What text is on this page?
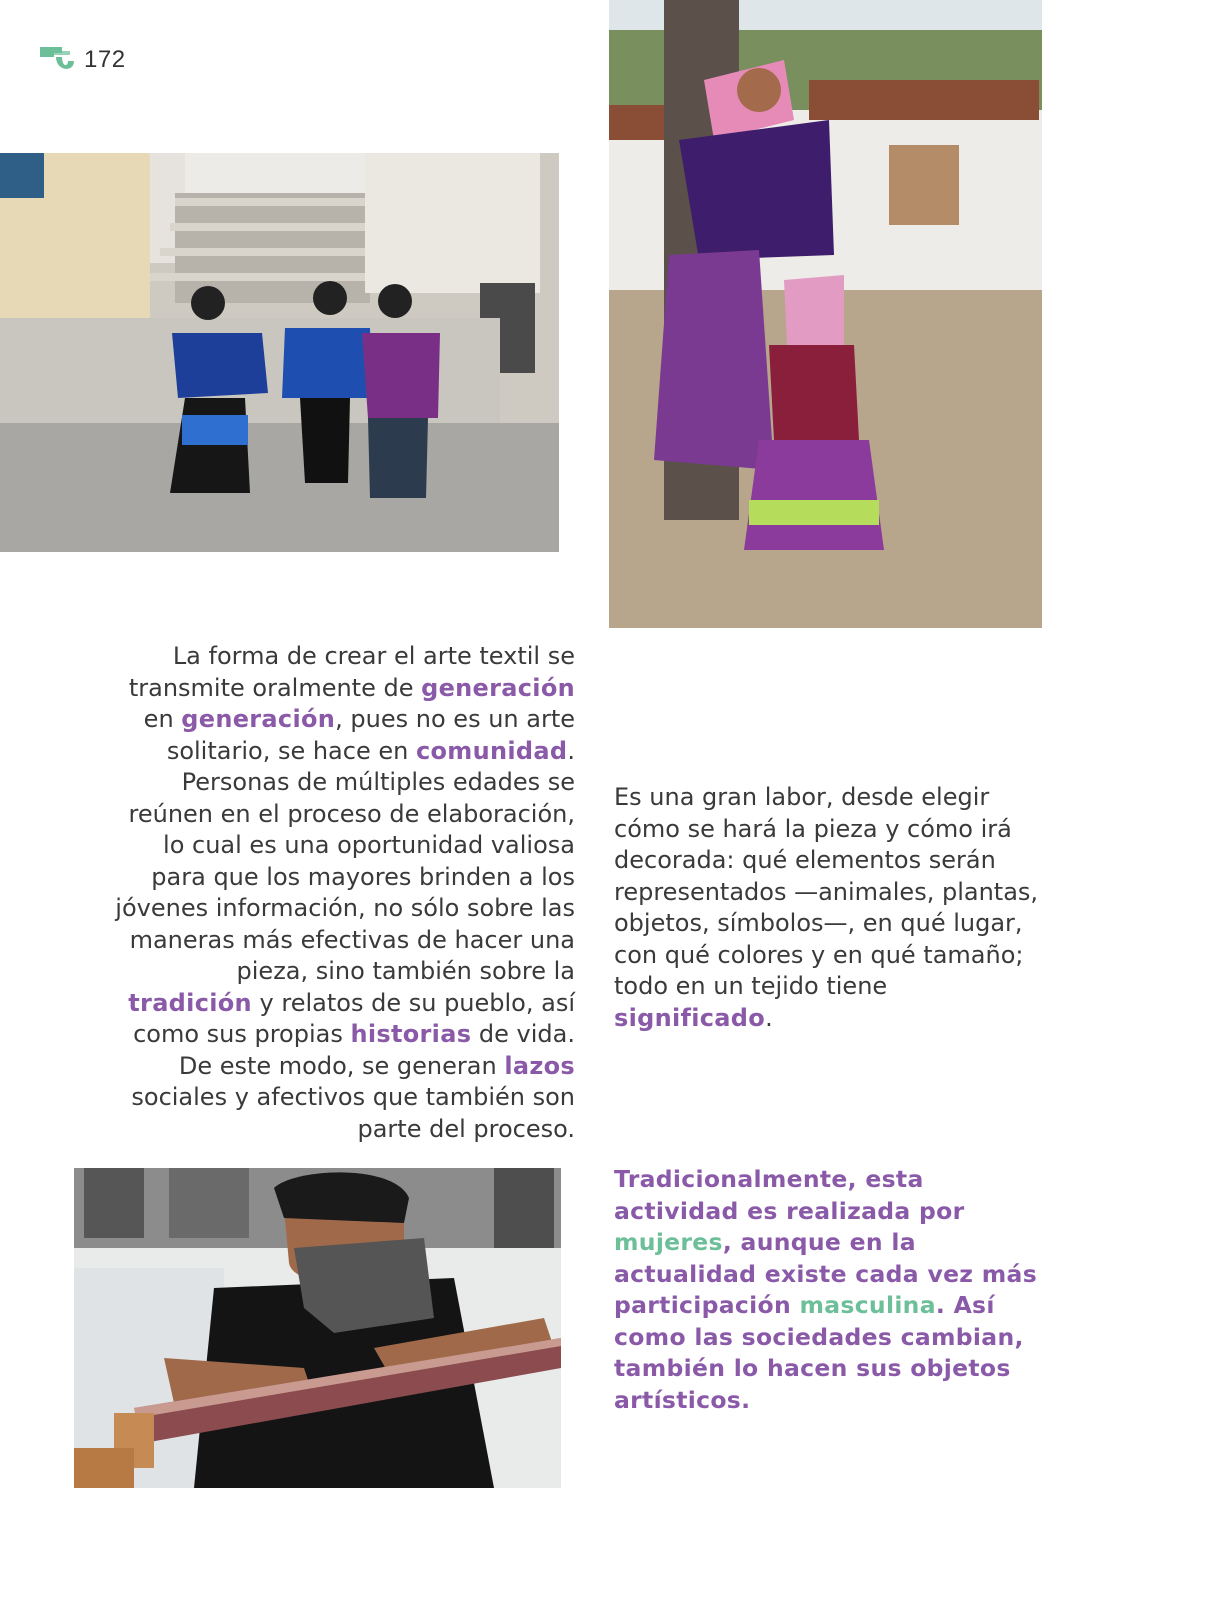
172

La forma de crear el arte textil se transmite oralmente de generación en generación, pues no es un arte solitario, se hace en comunidad. Personas de múltiples edades se reúnen en el proceso de elaboración, lo cual es una oportunidad valiosa para que los mayores brinden a los jóvenes información, no sólo sobre las maneras más efectivas de hacer una pieza, sino también sobre la tradición y relatos de su pueblo, así como sus propias historias de vida. De este modo, se generan lazos sociales y afectivos que también son parte del proceso.

Es una gran labor, desde elegir cómo se hará la pieza y cómo irá decorada: qué elementos serán representados —animales, plantas, objetos, símbolos—, en qué lugar, con qué colores y en qué tamaño; todo en un tejido tiene significado.

Tradicionalmente, esta actividad es realizada por mujeres, aunque en la actualidad existe cada vez más participación masculina. Así como las sociedades cambian, también lo hacen sus objetos artísticos.
